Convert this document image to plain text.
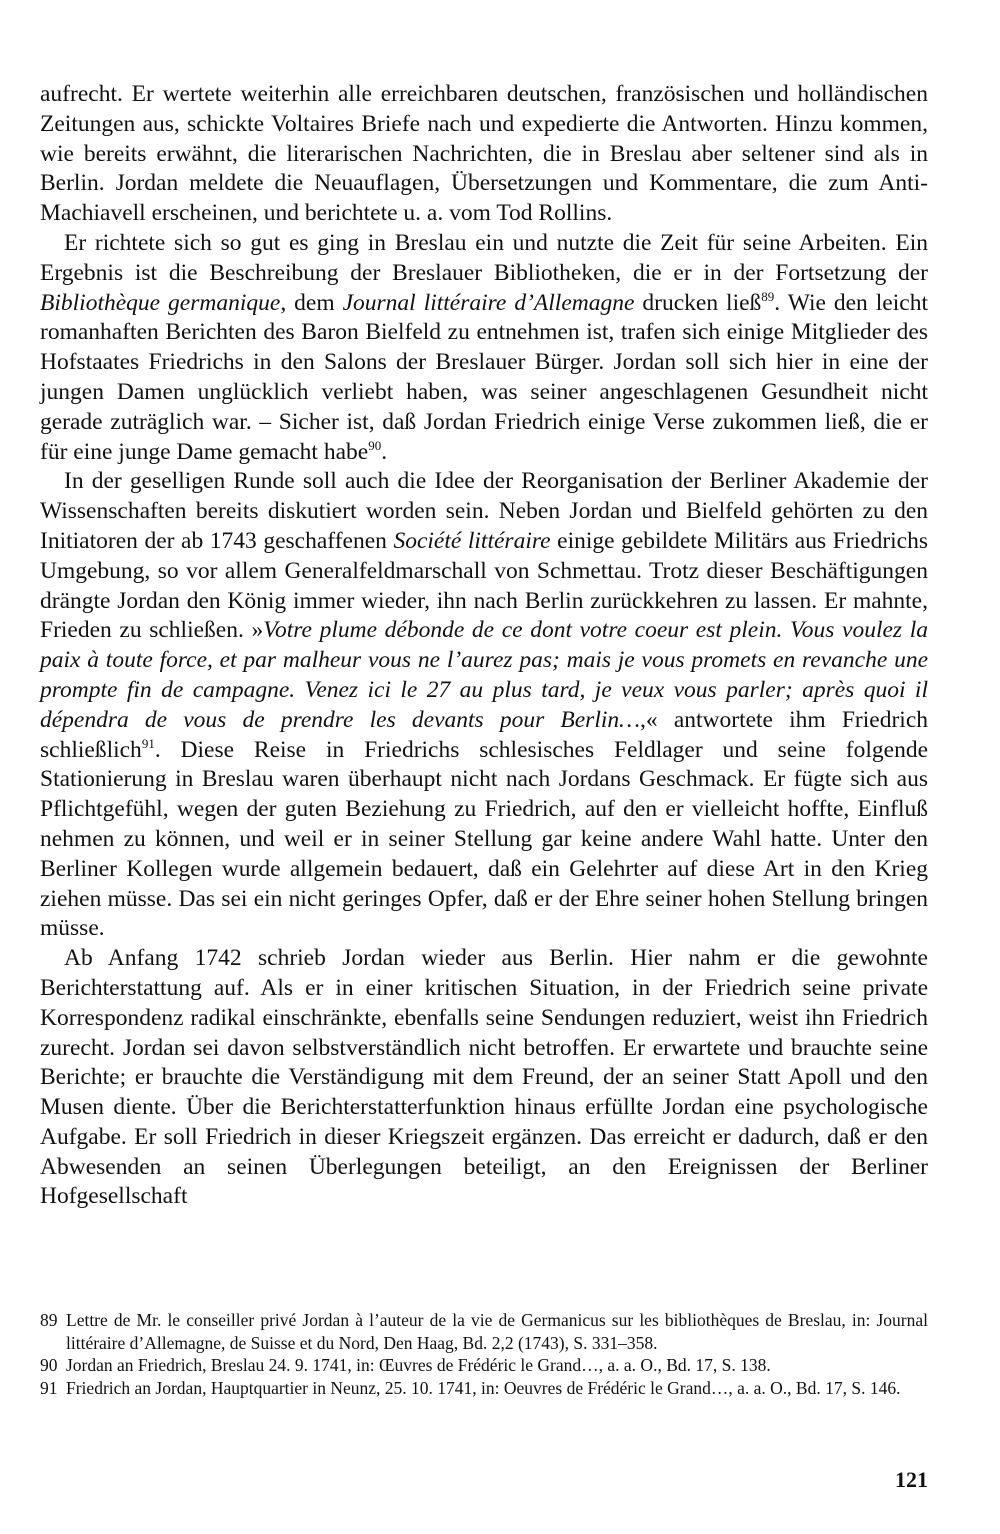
aufrecht. Er wertete weiterhin alle erreichbaren deutschen, französischen und holländischen Zeitungen aus, schickte Voltaires Briefe nach und expedierte die Antworten. Hinzu kommen, wie bereits erwähnt, die literarischen Nachrichten, die in Breslau aber seltener sind als in Berlin. Jordan meldete die Neuauflagen, Übersetzungen und Kommentare, die zum Anti-Machiavell erscheinen, und berichtete u. a. vom Tod Rollins.

Er richtete sich so gut es ging in Breslau ein und nutzte die Zeit für seine Arbeiten. Ein Ergebnis ist die Beschreibung der Breslauer Bibliotheken, die er in der Fortsetzung der Bibliothèque germanique, dem Journal littéraire d’Allemagne drucken ließ$^{89}$. Wie den leicht romanhaften Berichten des Baron Bielfeld zu entnehmen ist, trafen sich einige Mitglieder des Hofstaates Friedrichs in den Salons der Breslauer Bürger. Jordan soll sich hier in eine der jungen Damen unglücklich verliebt haben, was seiner angeschlagenen Gesundheit nicht gerade zuträglich war. – Sicher ist, daß Jordan Friedrich einige Verse zukommen ließ, die er für eine junge Dame gemacht habe$^{90}$.

In der geselligen Runde soll auch die Idee der Reorganisation der Berliner Akademie der Wissenschaften bereits diskutiert worden sein. Neben Jordan und Bielfeld gehörten zu den Initiatoren der ab 1743 geschaffenen Société littéraire einige gebildete Militärs aus Friedrichs Umgebung, so vor allem Generalfeldmarschall von Schmettau. Trotz dieser Beschäftigungen drängte Jordan den König immer wieder, ihn nach Berlin zurückkehren zu lassen. Er mahnte, Frieden zu schließen. »Votre plume débonde de ce dont votre coeur est plein. Vous voulez la paix à toute force, et par malheur vous ne l’aurez pas; mais je vous promets en revanche une prompte fin de campagne. Venez ici le 27 au plus tard, je veux vous parler; après quoi il dépendra de vous de prendre les devants pour Berlin…,« antwortete ihm Friedrich schließlich$^{91}$. Diese Reise in Friedrichs schlesisches Feldlager und seine folgende Stationierung in Breslau waren überhaupt nicht nach Jordans Geschmack. Er fügte sich aus Pflichtgefühl, wegen der guten Beziehung zu Friedrich, auf den er vielleicht hoffte, Einfluß nehmen zu können, und weil er in seiner Stellung gar keine andere Wahl hatte. Unter den Berliner Kollegen wurde allgemein bedauert, daß ein Gelehrter auf diese Art in den Krieg ziehen müsse. Das sei ein nicht geringes Opfer, daß er der Ehre seiner hohen Stellung bringen müsse.

Ab Anfang 1742 schrieb Jordan wieder aus Berlin. Hier nahm er die gewohnte Berichterstattung auf. Als er in einer kritischen Situation, in der Friedrich seine private Korrespondenz radikal einschränkte, ebenfalls seine Sendungen reduziert, weist ihn Friedrich zurecht. Jordan sei davon selbstverständlich nicht betroffen. Er erwartete und brauchte seine Berichte; er brauchte die Verständigung mit dem Freund, der an seiner Statt Apoll und den Musen diente. Über die Berichterstatterfunktion hinaus erfüllte Jordan eine psychologische Aufgabe. Er soll Friedrich in dieser Kriegszeit ergänzen. Das erreicht er dadurch, daß er den Abwesenden an seinen Überlegungen beteiligt, an den Ereignissen der Berliner Hofgesellschaft

89 Lettre de Mr. le conseiller privé Jordan à l’auteur de la vie de Germanicus sur les bibliothèques de Breslau, in: Journal littéraire d’Allemagne, de Suisse et du Nord, Den Haag, Bd. 2,2 (1743), S. 331–358.
90 Jordan an Friedrich, Breslau 24. 9. 1741, in: Œuvres de Frédéric le Grand…, a. a. O., Bd. 17, S. 138.
91 Friedrich an Jordan, Hauptquartier in Neunz, 25. 10. 1741, in: Oeuvres de Frédéric le Grand…, a. a. O., Bd. 17, S. 146.
121
